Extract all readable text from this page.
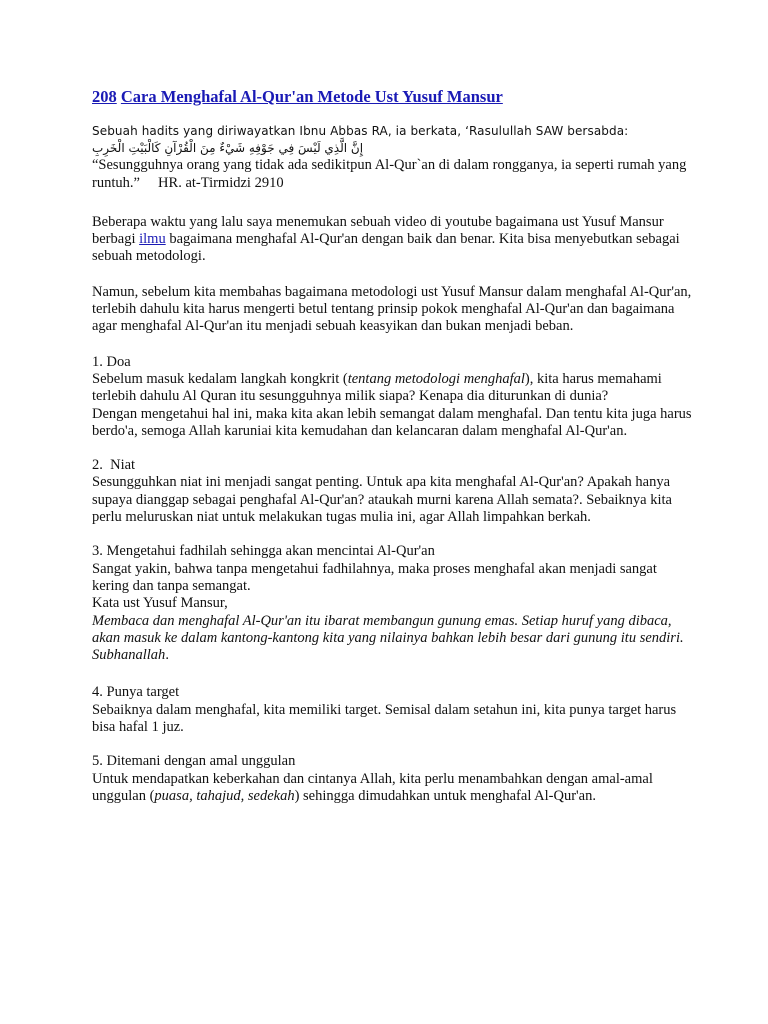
208 Cara Menghafal Al-Qur'an Metode Ust Yusuf Mansur
Sebuah hadits yang diriwayatkan Ibnu Abbas RA, ia berkata, ‘Rasulullah SAW bersabda:
إِنَّ الَّذِي لَيْسَ فِي جَوْفِهِ شَيْءٌ مِنَ الْقُرْآنِ كَالْبَيْتِ الْخَرِبِ
“Sesungguhnya orang yang tidak ada sedikitpun Al-Qur`an di dalam rongganya, ia seperti rumah yang runtuh.” HR. at-Tirmidzi 2910

Beberapa waktu yang lalu saya menemukan sebuah video di youtube bagaimana ust Yusuf Mansur berbagi ilmu bagaimana menghafal Al-Qur'an dengan baik dan benar. Kita bisa menyebutkan sebagai sebuah metodologi.

Namun, sebelum kita membahas bagaimana metodologi ust Yusuf Mansur dalam menghafal Al-Qur'an, terlebih dahulu kita harus mengerti betul tentang prinsip pokok menghafal Al-Qur'an dan bagaimana agar menghafal Al-Qur'an itu menjadi sebuah keasyikan dan bukan menjadi beban.

1. Doa
Sebelum masuk kedalam langkah kongkrit (tentang metodologi menghafal), kita harus memahami terlebih dahulu Al Quran itu sesungguhnya milik siapa? Kenapa dia diturunkan di dunia?
Dengan mengetahui hal ini, maka kita akan lebih semangat dalam menghafal. Dan tentu kita juga harus berdo'a, semoga Allah karuniai kita kemudahan dan kelancaran dalam menghafal Al-Qur'an.
2.  Niat
Sesungguhkan niat ini menjadi sangat penting. Untuk apa kita menghafal Al-Qur'an? Apakah hanya supaya dianggap sebagai penghafal Al-Qur'an? ataukah murni karena Allah semata?. Sebaiknya kita perlu meluruskan niat untuk melakukan tugas mulia ini, agar Allah limpahkan berkah.
3. Mengetahui fadhilah sehingga akan mencintai Al-Qur'an
Sangat yakin, bahwa tanpa mengetahui fadhilahnya, maka proses menghafal akan menjadi sangat kering dan tanpa semangat.
Kata ust Yusuf Mansur,
Membaca dan menghafal Al-Qur'an itu ibarat membangun gunung emas. Setiap huruf yang dibaca, akan masuk ke dalam kantong-kantong kita yang nilainya bahkan lebih besar dari gunung itu sendiri. Subhanallah.
4. Punya target
Sebaiknya dalam menghafal, kita memiliki target. Semisal dalam setahun ini, kita punya target harus bisa hafal 1 juz.
5. Ditemani dengan amal unggulan
Untuk mendapatkan keberkahan dan cintanya Allah, kita perlu menambahkan dengan amal-amal unggulan (puasa, tahajud, sedekah) sehingga dimudahkan untuk menghafal Al-Qur'an.
